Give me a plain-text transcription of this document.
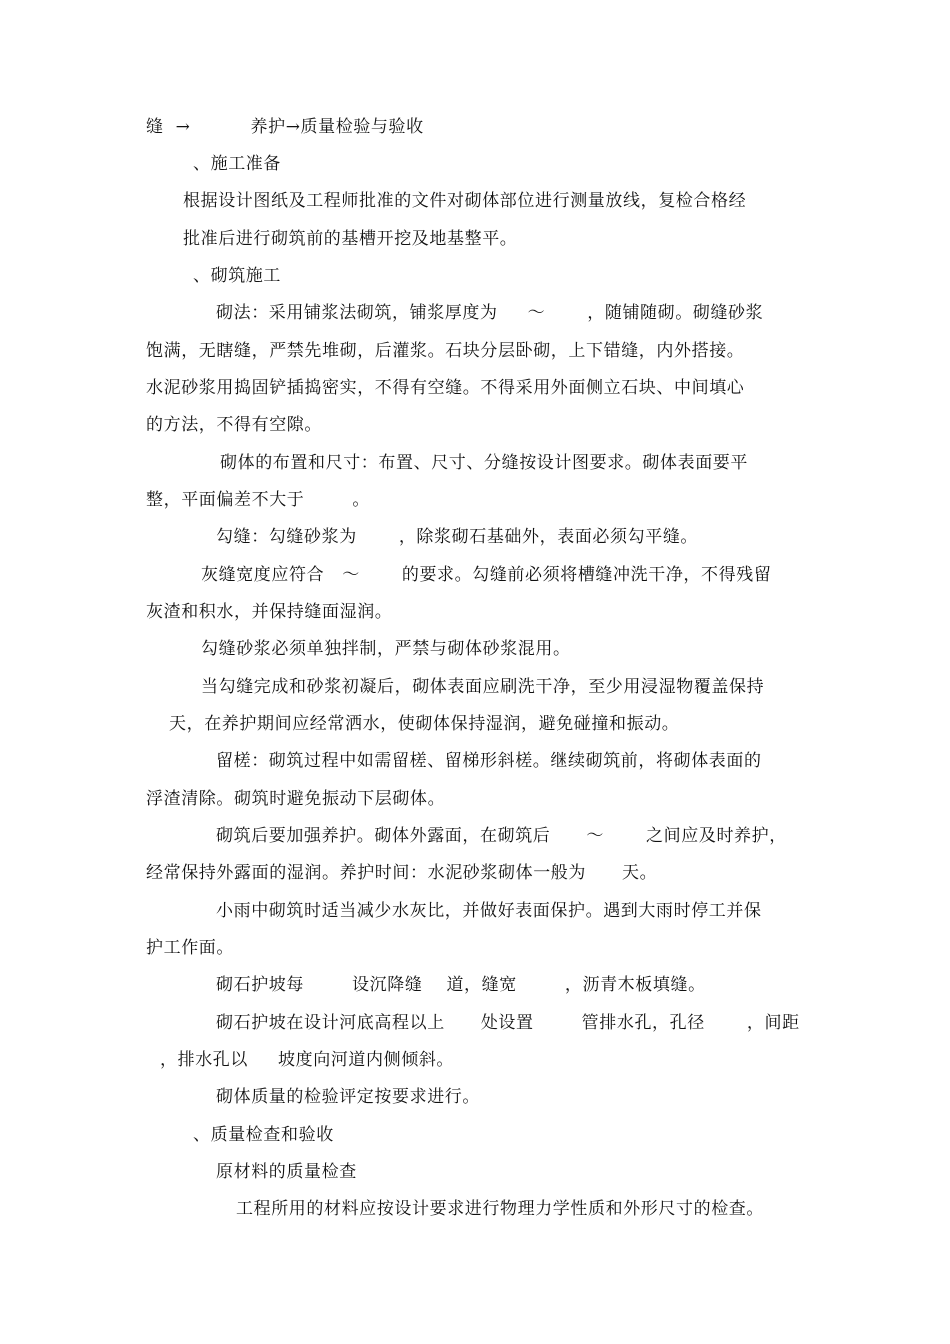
缝  →          养护→质量检验与验收
、施工准备
根据设计图纸及工程师批准的文件对砌体部位进行测量放线，复检合格经
批准后进行砌筑前的基槽开挖及地基整平。
、砌筑施工
砌法：采用铺浆法砌筑，铺浆厚度为     ～       ，随铺随砌。砌缝砂浆
饱满，无瞎缝，严禁先堆砌，后灌浆。石块分层卧砌，上下错缝，内外搭接。
水泥砂浆用捣固铲插捣密实，不得有空缝。不得采用外面侧立石块、中间填心
的方法，不得有空隙。
砌体的布置和尺寸：布置、尺寸、分缝按设计图要求。砌体表面要平
整，平面偏差不大于        。
勾缝：勾缝砂浆为       ，除浆砌石基础外，表面必须勾平缝。
灰缝宽度应符合   ～       的要求。勾缝前必须将槽缝冲洗干净，不得残留
灰渣和积水，并保持缝面湿润。
勾缝砂浆必须单独拌制，严禁与砌体砂浆混用。
当勾缝完成和砂浆初凝后，砌体表面应刷洗干净，至少用浸湿物覆盖保持
天，在养护期间应经常洒水，使砌体保持湿润，避免碰撞和振动。
留槎：砌筑过程中如需留槎、留梯形斜槎。继续砌筑前，将砌体表面的
浮渣清除。砌筑时避免振动下层砌体。
砌筑后要加强养护。砌体外露面，在砌筑后      ～       之间应及时养护，
经常保持外露面的湿润。养护时间：水泥砂浆砌体一般为      天。
小雨中砌筑时适当减少水灰比，并做好表面保护。遇到大雨时停工并保
护工作面。
砌石护坡每        设沉降缝    道，缝宽        ，沥青木板填缝。
砌石护坡在设计河底高程以上      处设置        管排水孔，孔径       ，间距
，排水孔以     坡度向河道内侧倾斜。
砌体质量的检验评定按要求进行。
、质量检查和验收
原材料的质量检查
工程所用的材料应按设计要求进行物理力学性质和外形尺寸的检查。
